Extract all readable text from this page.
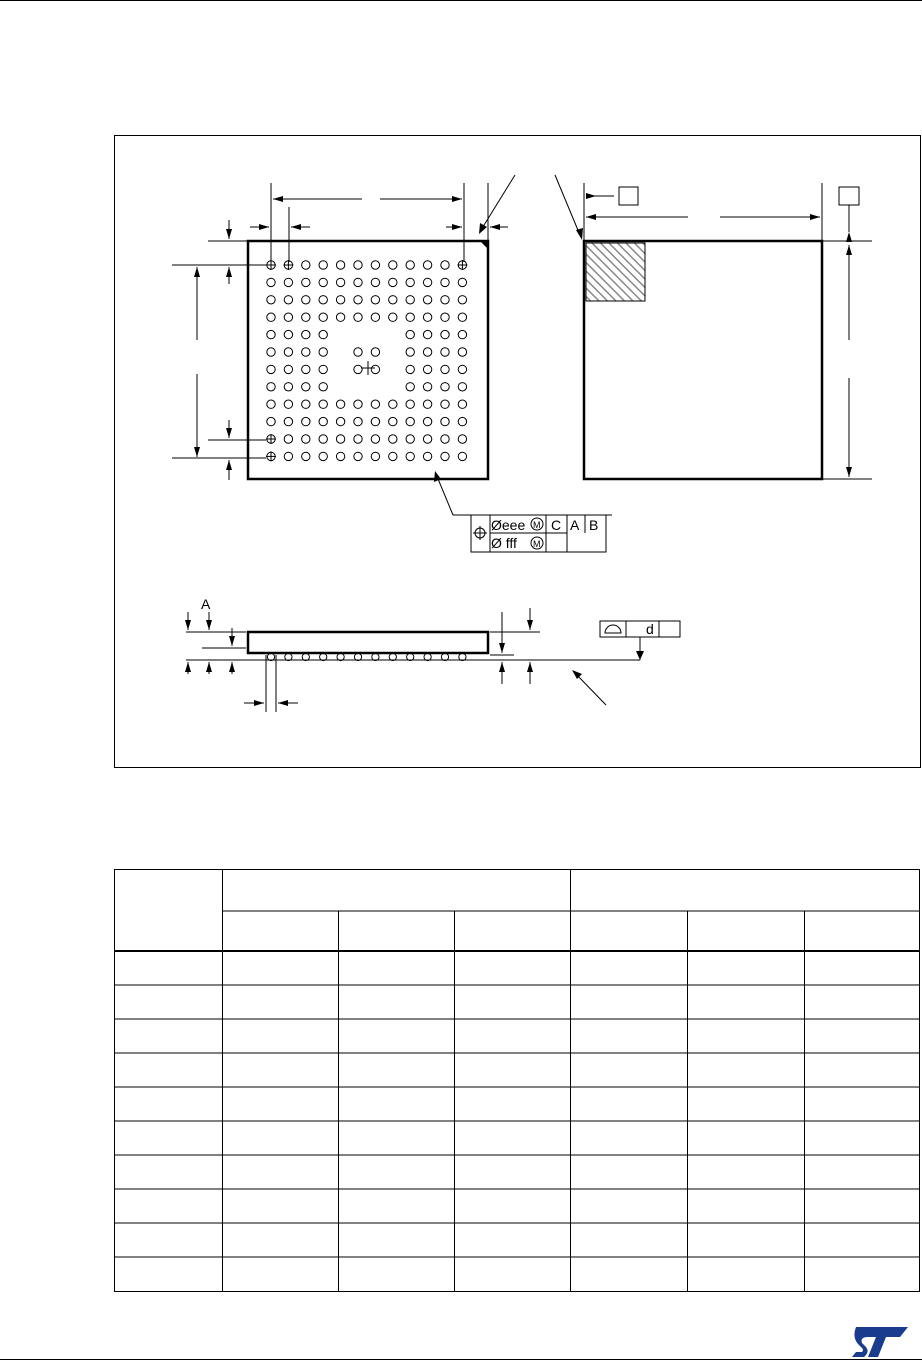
Øeee C A B
Ø fff
M
M
A
d
